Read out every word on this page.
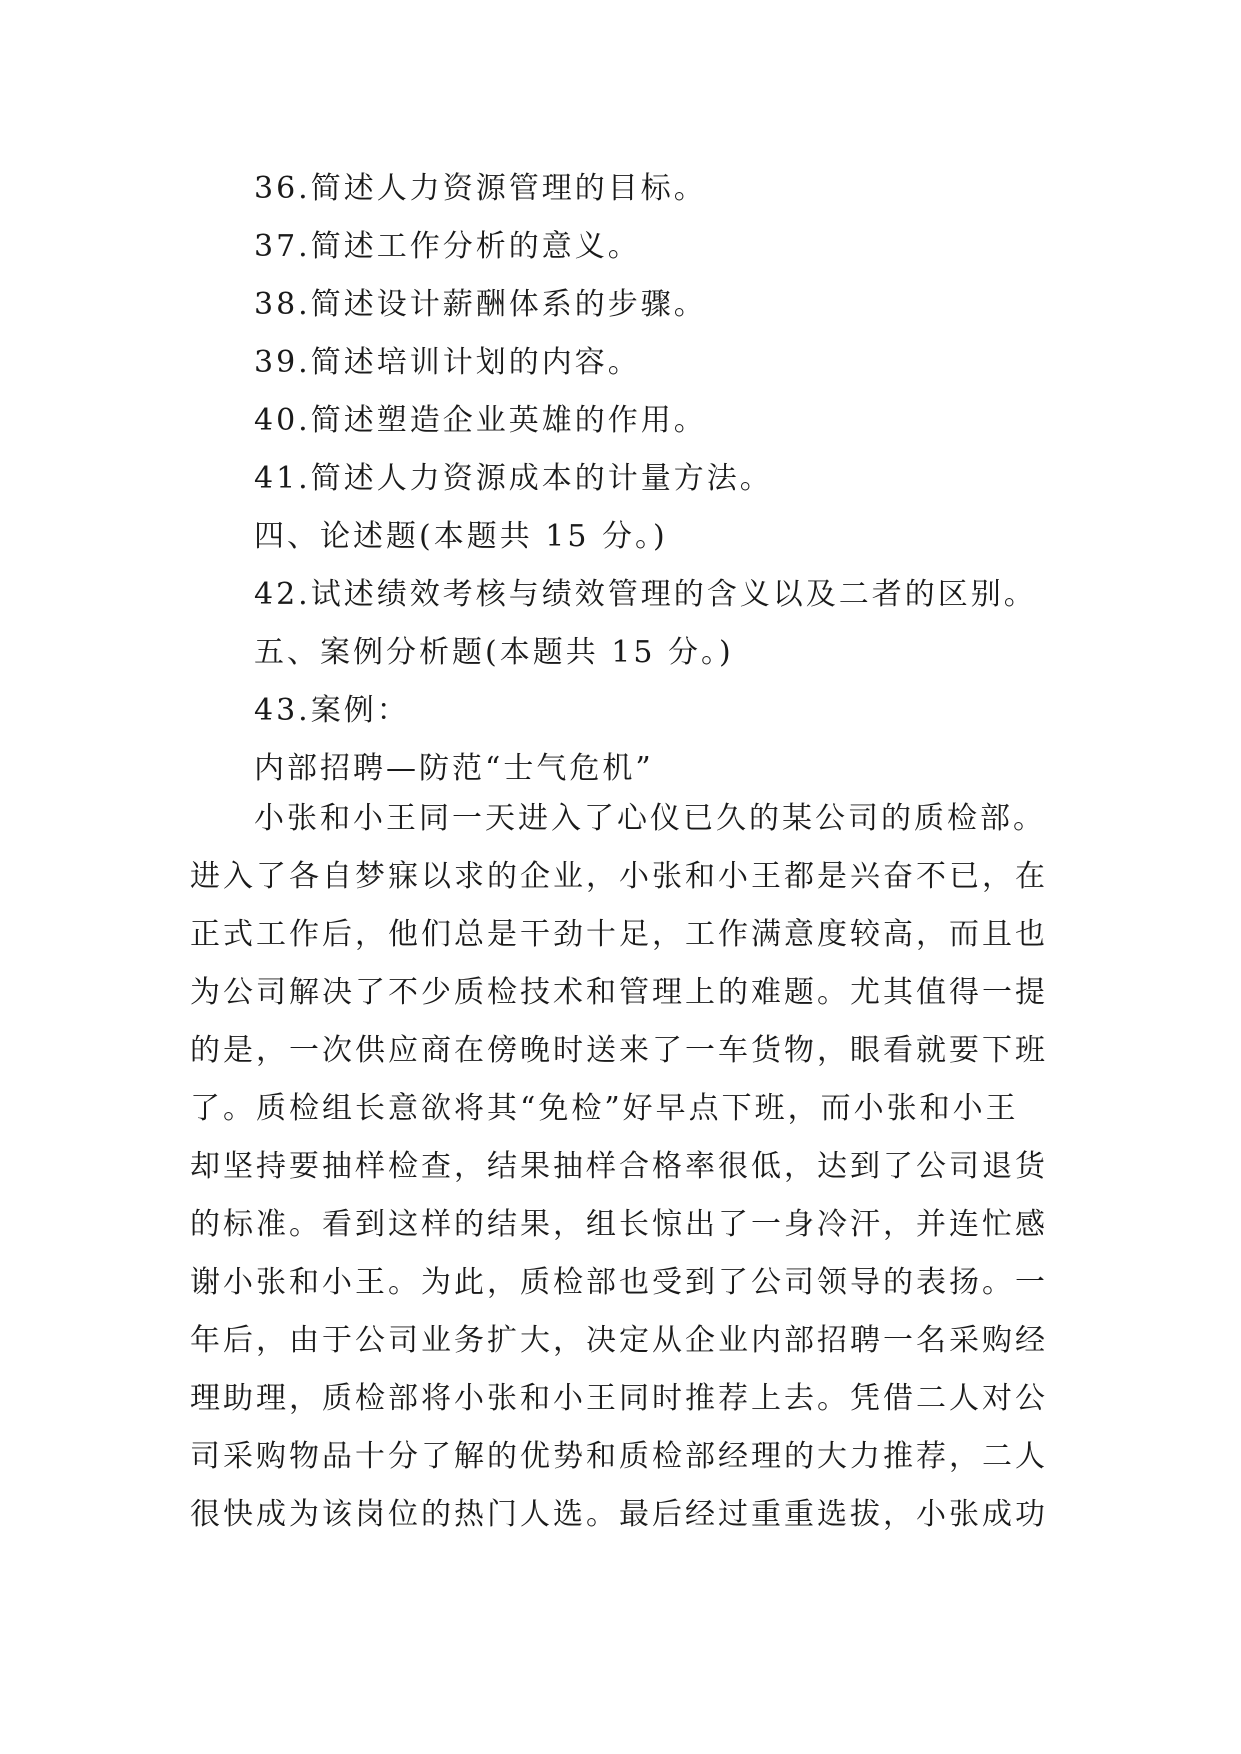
36.简述人力资源管理的目标。
37.简述工作分析的意义。
38.简述设计薪酬体系的步骤。
39.简述培训计划的内容。
40.简述塑造企业英雄的作用。
41.简述人力资源成本的计量方法。
四、论述题(本题共 15 分。)
42.试述绩效考核与绩效管理的含义以及二者的区别。
五、案例分析题(本题共 15 分。)
43.案例：
内部招聘—防范“士气危机”
小张和小王同一天进入了心仪已久的某公司的质检部。
进入了各自梦寐以求的企业，小张和小王都是兴奋不已，在
正式工作后，他们总是干劲十足，工作满意度较高，而且也
为公司解决了不少质检技术和管理上的难题。尤其值得一提
的是，一次供应商在傍晚时送来了一车货物，眼看就要下班
了。质检组长意欲将其“免检”好早点下班，而小张和小王
却坚持要抽样检查，结果抽样合格率很低，达到了公司退货
的标准。看到这样的结果，组长惊出了一身冷汗，并连忙感
谢小张和小王。为此，质检部也受到了公司领导的表扬。一
年后，由于公司业务扩大，决定从企业内部招聘一名采购经
理助理，质检部将小张和小王同时推荐上去。凭借二人对公
司采购物品十分了解的优势和质检部经理的大力推荐，二人
很快成为该岗位的热门人选。最后经过重重选拔，小张成功
